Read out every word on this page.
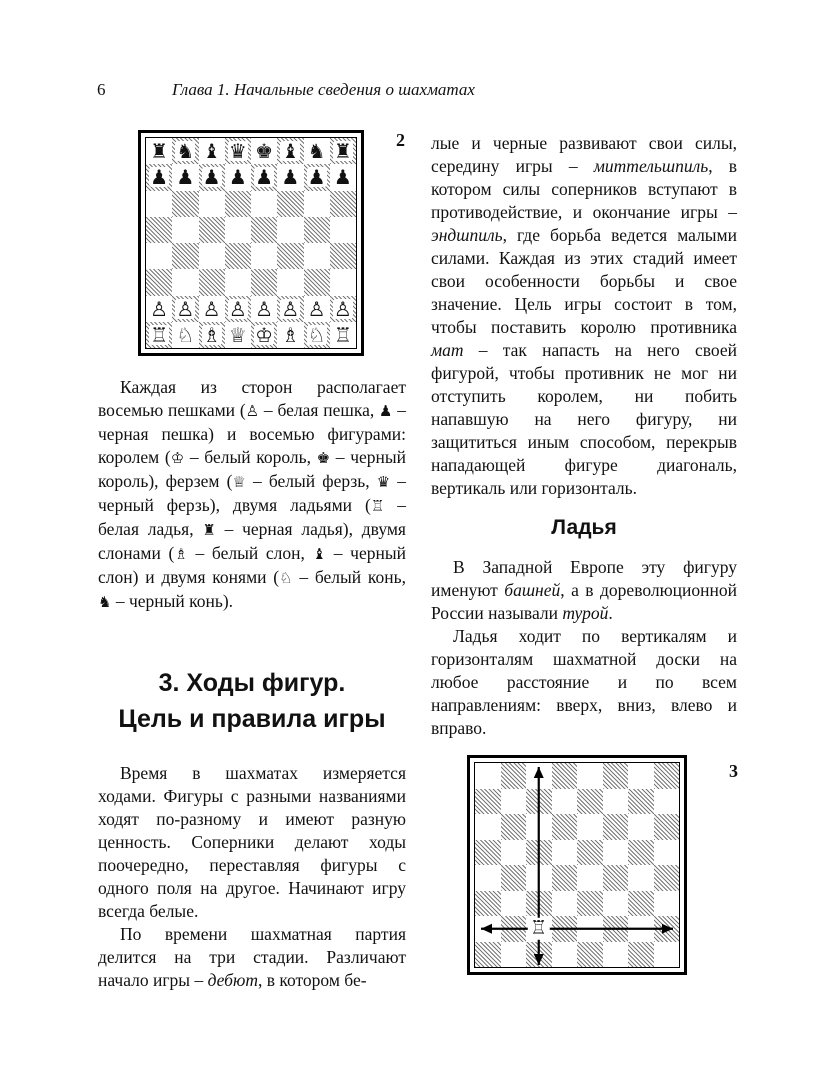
6	Глава 1. Начальные сведения о шахматах
2
♜ ♞ ♝ ♛ ♚ ♝ ♞ ♜
♟ ♟ ♟ ♟ ♟ ♟ ♟ ♟
♙ ♙ ♙ ♙ ♙ ♙ ♙ ♙
♖ ♘ ♗ ♕ ♔ ♗ ♘ ♖

Каждая из сторон располагает восемью пешками (♙ – белая пешка, ♟ – черная пешка) и восемью фигурами: королем (♔ – белый король, ♚ – черный король), ферзем (♕ – белый ферзь, ♛ – черный ферзь), двумя ладьями (♖ – белая ладья, ♜ – черная ладья), двумя слонами (♗ – белый слон, ♝ – черный слон) и двумя конями (♘ – белый конь, ♞ – черный конь).

3. Ходы фигур.
Цель и правила игры

Время в шахматах измеряется ходами. Фигуры с разными названиями ходят по-разному и имеют разную ценность. Соперники делают ходы поочередно, переставляя фигуры с одного поля на другое. Начинают игру всегда белые.

По времени шахматная партия делится на три стадии. Различают начало игры – дебют, в котором бе-

лые и черные развивают свои силы, середину игры – миттельшпиль, в котором силы соперников вступают в противодействие, и окончание игры – эндшпиль, где борьба ведется малыми силами. Каждая из этих стадий имеет свои особенности борьбы и свое значение. Цель игры состоит в том, чтобы поставить королю противника мат – так напасть на него своей фигурой, чтобы противник не мог ни отступить королем, ни побить напавшую на него фигуру, ни защититься иным способом, перекрыв нападающей фигуре диагональ, вертикаль или горизонталь.

Ладья

В Западной Европе эту фигуру именуют башней, а в дореволюционной России называли турой.

Ладья ходит по вертикалям и горизонталям шахматной доски на любое расстояние и по всем направлениям: вверх, вниз, влево и вправо.

3
♖
